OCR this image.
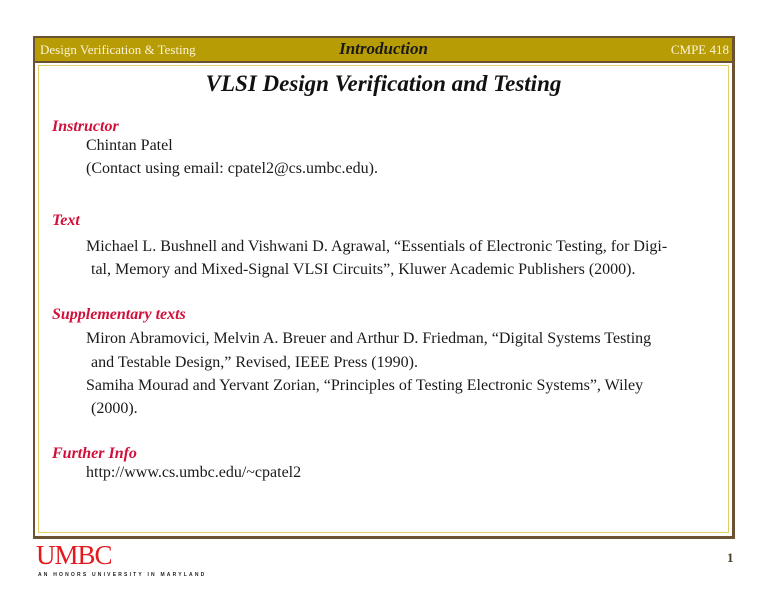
Design Verification & Testing	Introduction	CMPE 418
VLSI Design Verification and Testing
Instructor
Chintan Patel
(Contact using email: cpatel2@cs.umbc.edu).
Text
Michael L. Bushnell and Vishwani D. Agrawal, “Essentials of Electronic Testing, for Digi-
tal, Memory and Mixed-Signal VLSI Circuits”, Kluwer Academic Publishers (2000).
Supplementary texts
Miron Abramovici, Melvin A. Breuer and Arthur D. Friedman, “Digital Systems Testing
and Testable Design,” Revised, IEEE Press (1990).
Samiha Mourad and Yervant Zorian, “Principles of Testing Electronic Systems”, Wiley
(2000).
Further Info
http://www.cs.umbc.edu/~cpatel2
UMBC
AN HONORS UNIVERSITY IN MARYLAND
1
